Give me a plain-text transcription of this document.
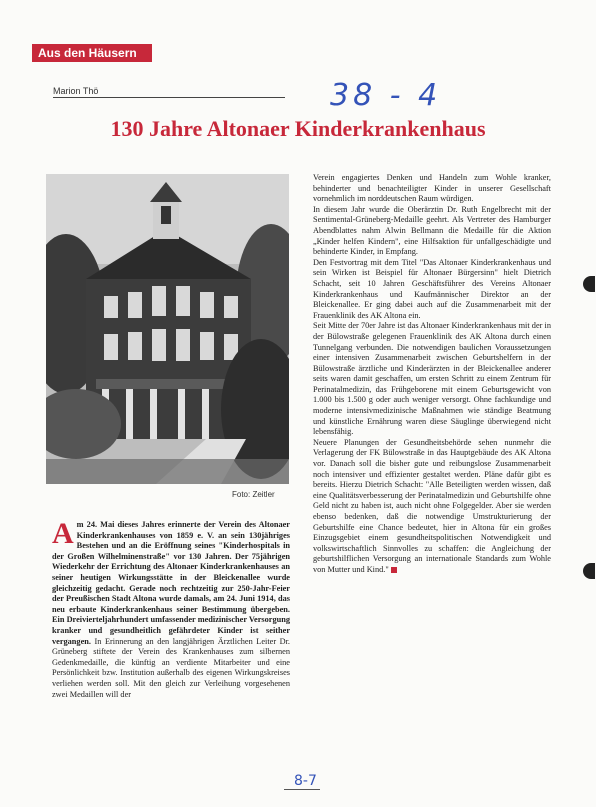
Aus den Häusern
Marion Thö	38 - 4
130 Jahre Altonaer Kinderkrankenhaus
Foto: Zeitler
Am 24. Mai dieses Jahres erinnerte der Verein des Altonaer Kinderkrankenhauses von 1859 e. V. an sein 130jähriges Bestehen und an die Eröffnung seines "Kinderhospitals in der Großen Wilhelminenstraße" vor 130 Jahren. Der 75jährigen Wiederkehr der Errichtung des Altonaer Kinderkrankenhauses an seiner heutigen Wirkungsstätte in der Bleickenallee wurde gleichzeitig gedacht. Gerade noch rechtzeitig zur 250-Jahr-Feier der Preußischen Stadt Altona wurde damals, am 24. Juni 1914, das neu erbaute Kinderkrankenhaus seiner Bestimmung übergeben. Ein Dreivierteljahrhundert umfassender medizinischer Versorgung kranker und gesundheitlich gefährdeter Kinder ist seither vergangen. In Erinnerung an den langjährigen Ärztlichen Leiter Dr. Grüneberg stiftete der Verein des Krankenhauses zum silbernen Gedenkmedaille, die künftig an verdiente Mitarbeiter und eine Persönlichkeit bzw. Institution außerhalb des eigenen Wirkungskreises verliehen werden soll. Mit den gleich zur Verleihung vorgesehenen zwei Medaillen will der

Verein engagiertes Denken und Handeln zum Wohle kranker, behinderter und benachteiligter Kinder in unserer Gesellschaft vornehmlich im norddeutschen Raum würdigen.

In diesem Jahr wurde die Oberärztin Dr. Ruth Engelbrecht mit der Sentimental-Grüneberg-Medaille geehrt. Als Vertreter des Hamburger Abendblattes nahm Alwin Bellmann die Medaille für die Aktion „Kinder helfen Kindern", eine Hilfsaktion für unfallgeschädigte und behinderte Kinder, in Empfang.

Den Festvortrag mit dem Titel "Das Altonaer Kinderkrankenhaus und sein Wirken ist Beispiel für Altonaer Bürgersinn" hielt Dietrich Schacht, seit 10 Jahren Geschäftsführer des Vereins Altonaer Kinderkrankenhaus und Kaufmännischer Direktor an der Bleickenallee. Er ging dabei auch auf die Zusammenarbeit mit der Frauenklinik des AK Altona ein.

Seit Mitte der 70er Jahre ist das Altonaer Kinderkrankenhaus mit der in der Bülowstraße gelegenen Frauenklinik des AK Altona durch einen Tunnelgang verbunden. Die notwendigen baulichen Voraussetzungen einer intensiven Zusammenarbeit zwischen Geburtshelfern in der Bülowstraße ärztliche und Kinderärzten in der Bleickenallee anderer seits waren damit geschaffen, um ersten Schritt zu einem Zentrum für Perinatalmedizin, das Frühgeborene mit einem Geburtsgewicht von 1.000 bis 1.500 g oder auch weniger versorgt. Ohne fachkundige und moderne intensivmedizinische Maßnahmen wie ständige Beatmung und künstliche Ernährung waren diese Säuglinge überwiegend nicht lebensfähig.

Neuere Planungen der Gesundheitsbehörde sehen nunmehr die Verlagerung der FK Bülowstraße in das Hauptgebäude des AK Altona vor. Danach soll die bisher gute und reibungslose Zusammenarbeit noch intensiver und effizienter gestaltet werden. Pläne dafür gibt es bereits. Hierzu Dietrich Schacht: "Alle Beteiligten werden wissen, daß eine Qualitätsverbesserung der Perinatalmedizin und Geburtshilfe ohne Geld nicht zu haben ist, auch nicht ohne Folgegelder. Aber sie werden ebenso bedenken, daß die notwendige Umstrukturierung der Geburtshilfe eine Chance bedeutet, hier in Altona für ein großes Einzugsgebiet einem gesundheitspolitischen Notwendigkeit und volkswirtschaftlich Sinnvolles zu schaffen: die Angleichung der geburtshilflichen Versorgung an internationale Standards zum Wohle von Mutter und Kind."

8-7
